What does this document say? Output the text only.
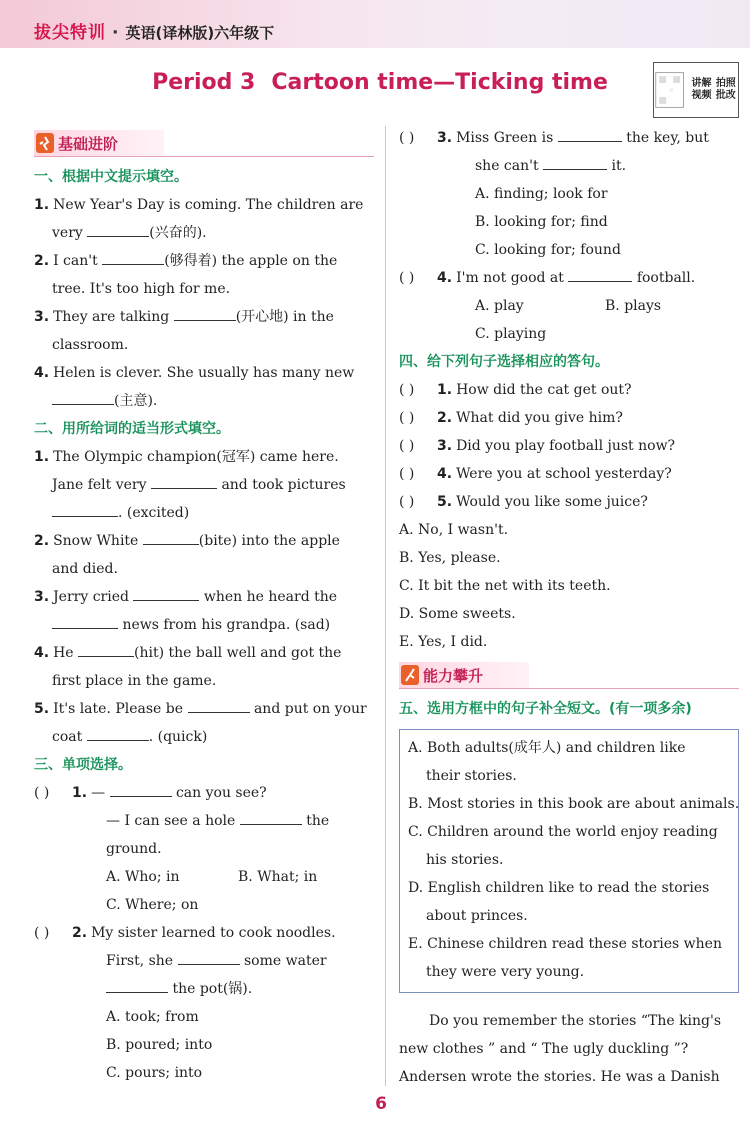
拔尖特训 · 英语(译林版)六年级下
Period 3 Cartoon time—Ticking time	讲解视频
拍照批改
基础进阶
一、根据中文提示填空。
1. New Year's Day is coming. The children are
very	(兴奋的).
2. I can't	(够得着) the apple on the
tree. It's too high for me.
3. They are talking	(开心地) in the
classroom.
4. Helen is clever. She usually has many new
(主意).
二、用所给词的适当形式填空。
1. The Olympic champion(冠军) came here.
Jane felt very	and took pictures
. (excited)
2. Snow White	(bite) into the apple
and died.
3. Jerry cried	when he heard the
news from his grandpa. (sad)
4. He	(hit) the ball well and got the
first place in the game.
5. It's late. Please be	and put on your
coat	. (quick)
三、单项选择。
( ) 1. —	can you see?
— I can see a hole	the
ground.
A. Who; in	B. What; in
C. Where; on
( ) 2. My sister learned to cook noodles.
First, she	some water
the pot(锅).
A. took; from
B. poured; into
C. pours; into
( ) 3. Miss Green is	the key, but
she can't	it.
A. finding; look for
B. looking for; find
C. looking for; found
( ) 4. I'm not good at	football.
A. play	B. plays
C. playing
四、给下列句子选择相应的答句。
( ) 1. How did the cat get out?
( ) 2. What did you give him?
( ) 3. Did you play football just now?
( ) 4. Were you at school yesterday?
( ) 5. Would you like some juice?
A. No, I wasn't.
B. Yes, please.
C. It bit the net with its teeth.
D. Some sweets.
E. Yes, I did.
能力攀升
五、选用方框中的句子补全短文。(有一项多余)
A. Both adults(成年人) and children like
their stories.
B. Most stories in this book are about animals.
C. Children around the world enjoy reading
his stories.
D. English children like to read the stories
about princes.
E. Chinese children read these stories when
they were very young.
Do you remember the stories “The king's
new clothes ” and “ The ugly duckling ”?
Andersen wrote the stories. He was a Danish
6
